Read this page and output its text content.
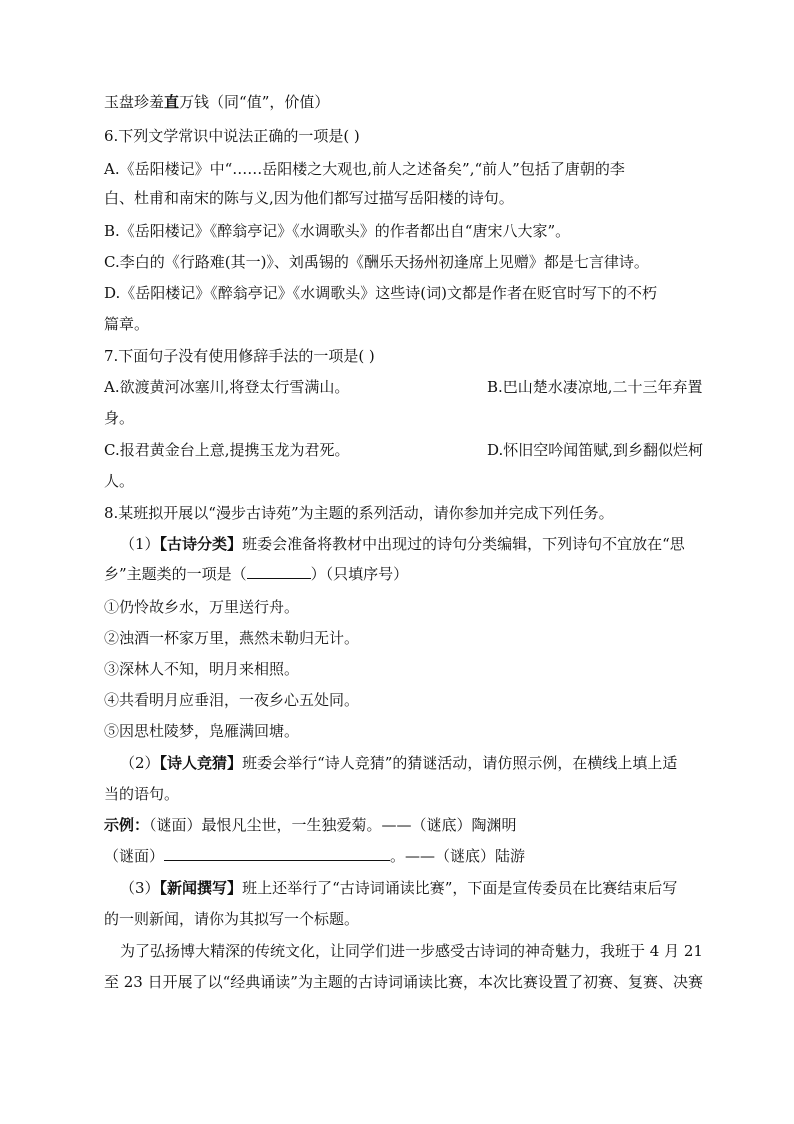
玉盘珍羞直万钱（同“值”，价值）
6.下列文学常识中说法正确的一项是( )
A.《岳阳楼记》中“……岳阳楼之大观也,前人之述备矣”,“前人”包括了唐朝的李
白、杜甫和南宋的陈与义,因为他们都写过描写岳阳楼的诗句。
B.《岳阳楼记》《醉翁亭记》《水调歌头》的作者都出自“唐宋八大家”。
C.李白的《行路难(其一)》、刘禹锡的《酬乐天扬州初逢席上见赠》都是七言律诗。
D.《岳阳楼记》《醉翁亭记》《水调歌头》这些诗(词)文都是作者在贬官时写下的不朽
篇章。
7.下面句子没有使用修辞手法的一项是( )
A.欲渡黄河冰塞川,将登太行雪满山。	B.巴山楚水凄凉地,二十三年弃置
身。
C.报君黄金台上意,提携玉龙为君死。	D.怀旧空吟闻笛赋,到乡翻似烂柯
人。
8.某班拟开展以“漫步古诗苑”为主题的系列活动，请你参加并完成下列任务。
（1）【古诗分类】班委会准备将教材中出现过的诗句分类编辑，下列诗句不宜放在“思
乡”主题类的一项是（	）（只填序号）
①仍怜故乡水，万里送行舟。
②浊酒一杯家万里，燕然未勒归无计。
③深林人不知，明月来相照。
④共看明月应垂泪，一夜乡心五处同。
⑤因思杜陵梦，凫雁满回塘。
（2）【诗人竞猜】班委会举行“诗人竞猜”的猜谜活动，请仿照示例，在横线上填上适
当的语句。
示例：（谜面）最恨凡尘世，一生独爱菊。——（谜底）陶渊明
（谜面）	。——（谜底）陆游
（3）【新闻撰写】班上还举行了“古诗词诵读比赛”，下面是宣传委员在比赛结束后写
的一则新闻，请你为其拟写一个标题。
为了弘扬博大精深的传统文化，让同学们进一步感受古诗词的神奇魅力，我班于 4 月 21
至 23 日开展了以“经典诵读”为主题的古诗词诵读比赛，本次比赛设置了初赛、复赛、决赛
